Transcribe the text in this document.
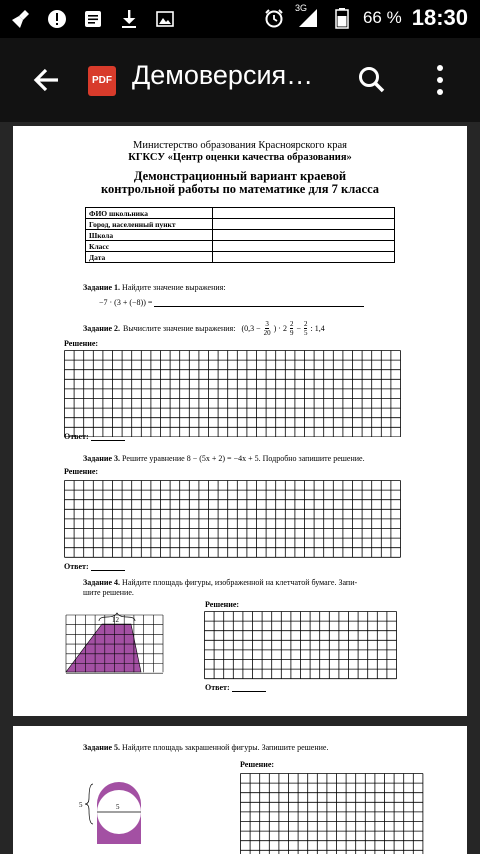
3G	66 % 18:30
PDF Демоверсия…
Министерство образования Красноярского края
КГКСУ «Центр оценки качества образования»
Демонстрационный вариант краевой
контрольной работы по математике для 7 класса
ФИО школьника	
Город, населенный пункт	
Школа	
Класс	
Дата	
Задание 1. Найдите значение выражения:
−7 · (3 + (−8)) =
Задание 2. Вычислите значение выражения: ($0,3 - \frac{3}{20}$ ) · $2 \frac{2}{9} - \frac{2}{5}$ : 1,4
Решение:
Ответ:
Задание 3. Решите уравнение 8 − (5x + 2) = −4x + 5. Подробно запишите решение.
Решение:
Ответ:
Задание 4. Найдите площадь фигуры, изображенной на клетчатой бумаге. Запи-
шите решение.
12
Решение:
Ответ:
Задание 5. Найдите площадь закрашенной фигуры. Запишите решение.
5	5
Решение:
